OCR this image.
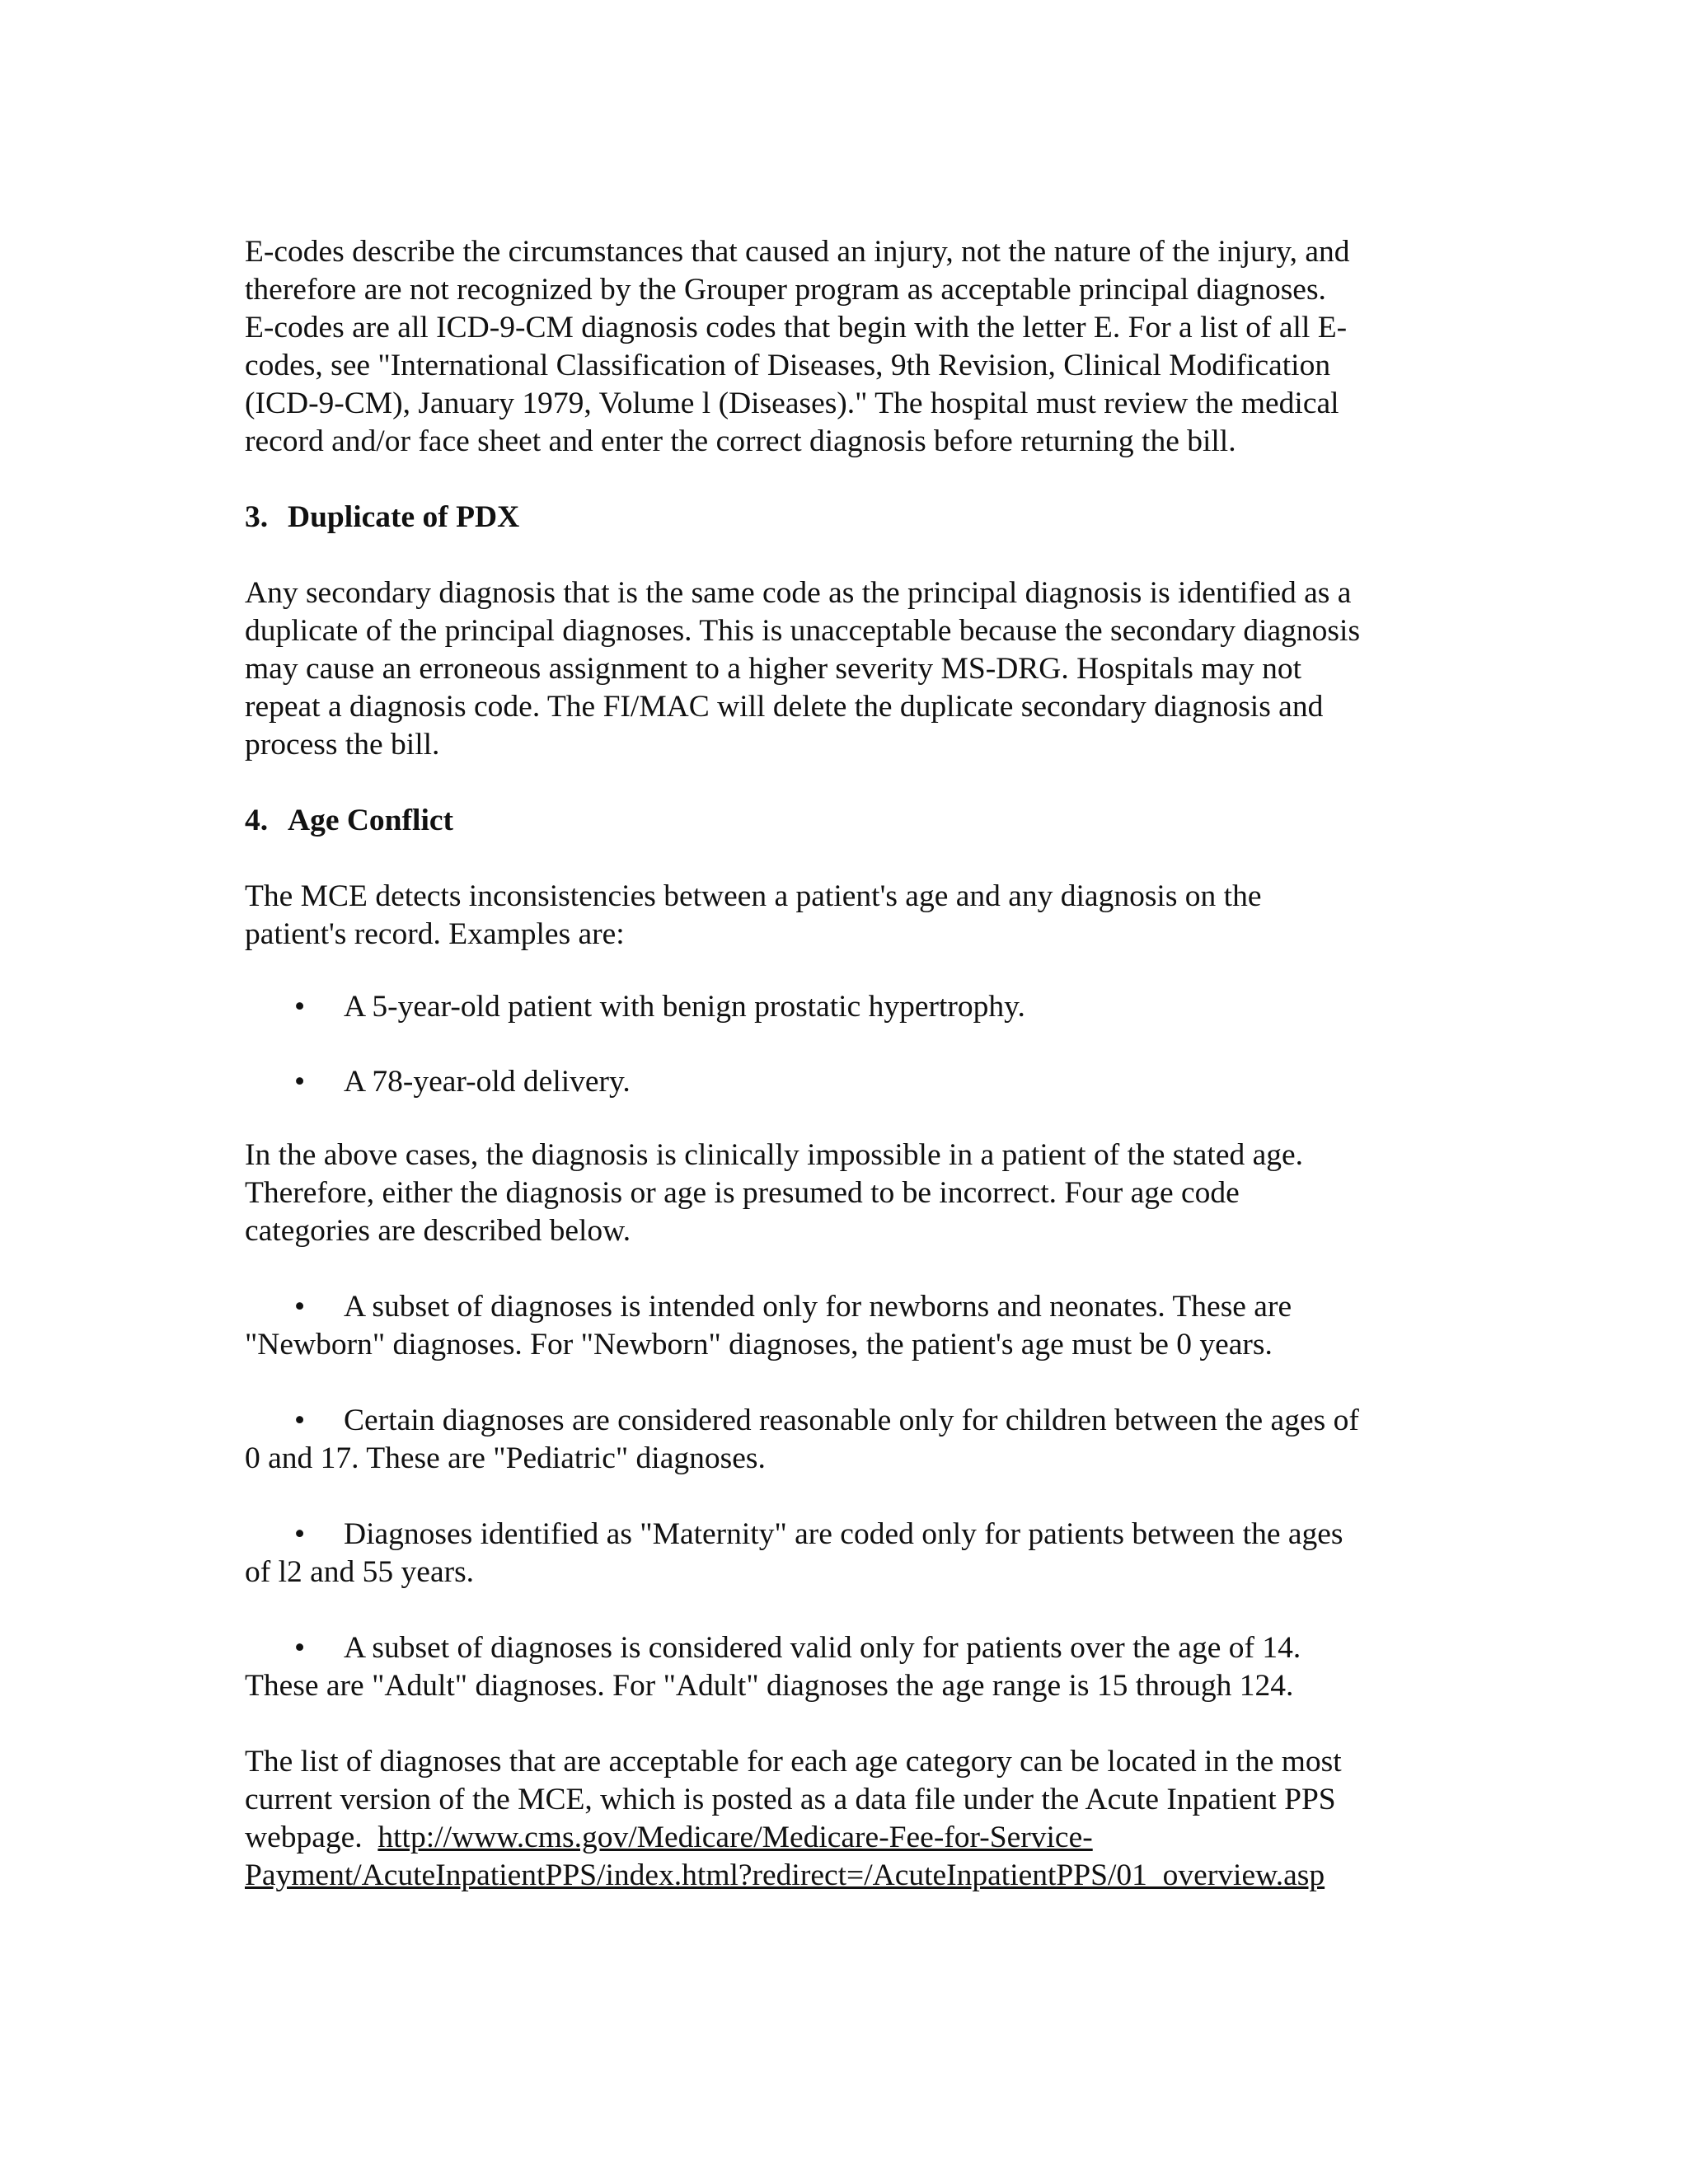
E-codes describe the circumstances that caused an injury, not the nature of the injury, and
therefore are not recognized by the Grouper program as acceptable principal diagnoses.
E-codes are all ICD-9-CM diagnosis codes that begin with the letter E. For a list of all E-
codes, see "International Classification of Diseases, 9th Revision, Clinical Modification
(ICD-9-CM), January 1979, Volume l (Diseases)." The hospital must review the medical
record and/or face sheet and enter the correct diagnosis before returning the bill.
3. Duplicate of PDX
Any secondary diagnosis that is the same code as the principal diagnosis is identified as a
duplicate of the principal diagnoses. This is unacceptable because the secondary diagnosis
may cause an erroneous assignment to a higher severity MS-DRG. Hospitals may not
repeat a diagnosis code. The FI/MAC will delete the duplicate secondary diagnosis and
process the bill.
4. Age Conflict
The MCE detects inconsistencies between a patient's age and any diagnosis on the
patient's record. Examples are:
• A 5-year-old patient with benign prostatic hypertrophy.
• A 78-year-old delivery.
In the above cases, the diagnosis is clinically impossible in a patient of the stated age.
Therefore, either the diagnosis or age is presumed to be incorrect. Four age code
categories are described below.
• A subset of diagnoses is intended only for newborns and neonates. These are
"Newborn" diagnoses. For "Newborn" diagnoses, the patient's age must be 0 years.
• Certain diagnoses are considered reasonable only for children between the ages of
0 and 17. These are "Pediatric" diagnoses.
• Diagnoses identified as "Maternity" are coded only for patients between the ages
of l2 and 55 years.
• A subset of diagnoses is considered valid only for patients over the age of 14.
These are "Adult" diagnoses. For "Adult" diagnoses the age range is 15 through 124.
The list of diagnoses that are acceptable for each age category can be located in the most
current version of the MCE, which is posted as a data file under the Acute Inpatient PPS
webpage.  http://www.cms.gov/Medicare/Medicare-Fee-for-Service-
Payment/AcuteInpatientPPS/index.html?redirect=/AcuteInpatientPPS/01_overview.asp
